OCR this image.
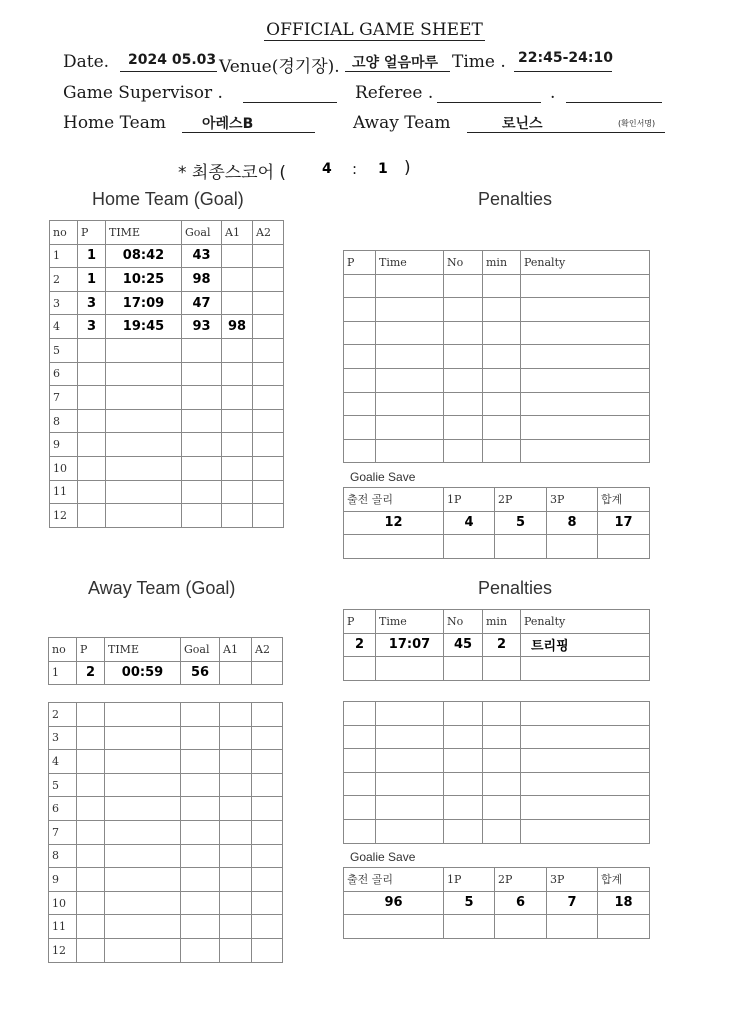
OFFICIAL GAME SHEET
Date. 2024 05.03 Venue(경기장). 고양 얼음마루 Time . 22:45-24:10
Game Supervisor .	Referee .	.
Home Team	아레스B	Away Team	로닌스	(확인서명)
* 최종스코어 (	4 : 1 )
Home Team (Goal)	Penalties
Away Team (Goal)	Penalties
no	P	TIME	Goal	A1	A2
1	1	08:42	43		
2	1	10:25	98		
3	3	17:09	47		
4	3	19:45	93	98	
5					
6					
7					
8					
9					
10					
11					
12					
P	Time	No	min	Penalty

Goalie Save
출전 골리	1P	2P	3P	합계
12	4	5	8	17

no	P	TIME	Goal	A1	A2
1	2	00:59	56		
2					
3					
4					
5					
6					
7					
8					
9					
10					
11					
12					
P	Time	No	min	Penalty
2	17:07	45	2	트리핑

Goalie Save
출전 골리	1P	2P	3P	합계
96	5	6	7	18
